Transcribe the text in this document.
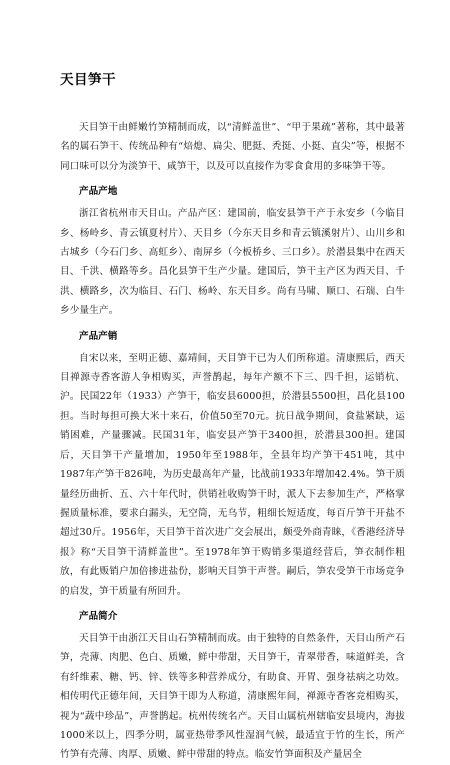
天目笋干

天目笋干由鲜嫩竹笋精制而成，以“清鲜盖世”、“甲于果疏”著称，其中最著名的属石笋干、传统品种有“焙熄、扁尖、肥挺、秃挺、小挺、直尖”等，根据不同口味可以分为淡笋干、咸笋干，以及可以直接作为零食食用的多味笋干等。

产品产地

浙江省杭州市天目山。产品产区：建国前，临安县笋干产于永安乡（今临目乡、杨岭乡、青云镇夏村片）、天目乡（今东天目乡和青云镇溪射片）、山川乡和古城乡（今石门乡、高虹乡）、南屏乡（今板桥乡、三口乡）。於潜县集中在西天目、千洪、横路等乡。昌化县笋干生产少量。建国后，笋干主产区为西天目、千洪、横路乡，次为临目、石门、杨岭、东天目乡。尚有马啸、顺口、石瑞、白牛乡少量生产。

产品产销

自宋以来，至明正德、嘉靖间，天目笋干已为人们所称道。清康熙后，西天目禅源寺香客游人争相购买，声誉鹊起，每年产额不下三、四千担，运销杭、沪。民国22年（1933）产笋干，临安县6000担，於潜县5500担，昌化县100担。当时每担可换大米十来石，价值50至70元。抗日战争期间，食盐紧缺，运销困难，产量骤减。民国31年，临安县产笋干3400担，於潜县300担。建国后，天目笋干产量增加，1950年至1988年，全县年均产笋干451吨，其中1987年产笋干826吨，为历史最高年产量，比战前1933年增加42.4%。笋干质量经历曲折、五、六十年代时，供销社收购笋干时，派人下去参加生产，严格掌握质量标准，要求白漏头，无空筒，无乌节，粗细长短适度，每百斤笋干开盐不超过30斤。1956年，天目笋干首次进广交会展出，颇受外商青睐，《香港经济导报》称“天目笋干清鲜盖世”。至1978年笋干购销多渠道经营后，笋衣制作粗放，有此贩销户加倍掺进盐份，影响天目笋干声誉。嗣后，笋农受笋干市场竞争的启发，笋干质量有所回升。

产品简介

天目笋干由浙江天目山石笋精制而成。由于独特的自然条件，天目山所产石笋，壳薄、肉肥、色白、质嫩，鲜中带甜，天目笋干，青翠带香，味道鲜美，含有纤维素、糖、钙、锌、铁等多种营养成分，有助食、开胃、强身祛病之功效。相传明代正德年间，天目笋干即为人称道，清康熙年间，禅源寺香客竞相购买，视为“蔬中珍品”，声誉鹊起。杭州传统名产。天目山属杭州辖临安县境内，海拔1000米以上，四季分明，属亚热带季风性湿润气候，最适宜于竹的生长，所产竹笋有壳薄、肉厚、质嫩、鲜中带甜的特点。临安竹笋面积及产量居全
